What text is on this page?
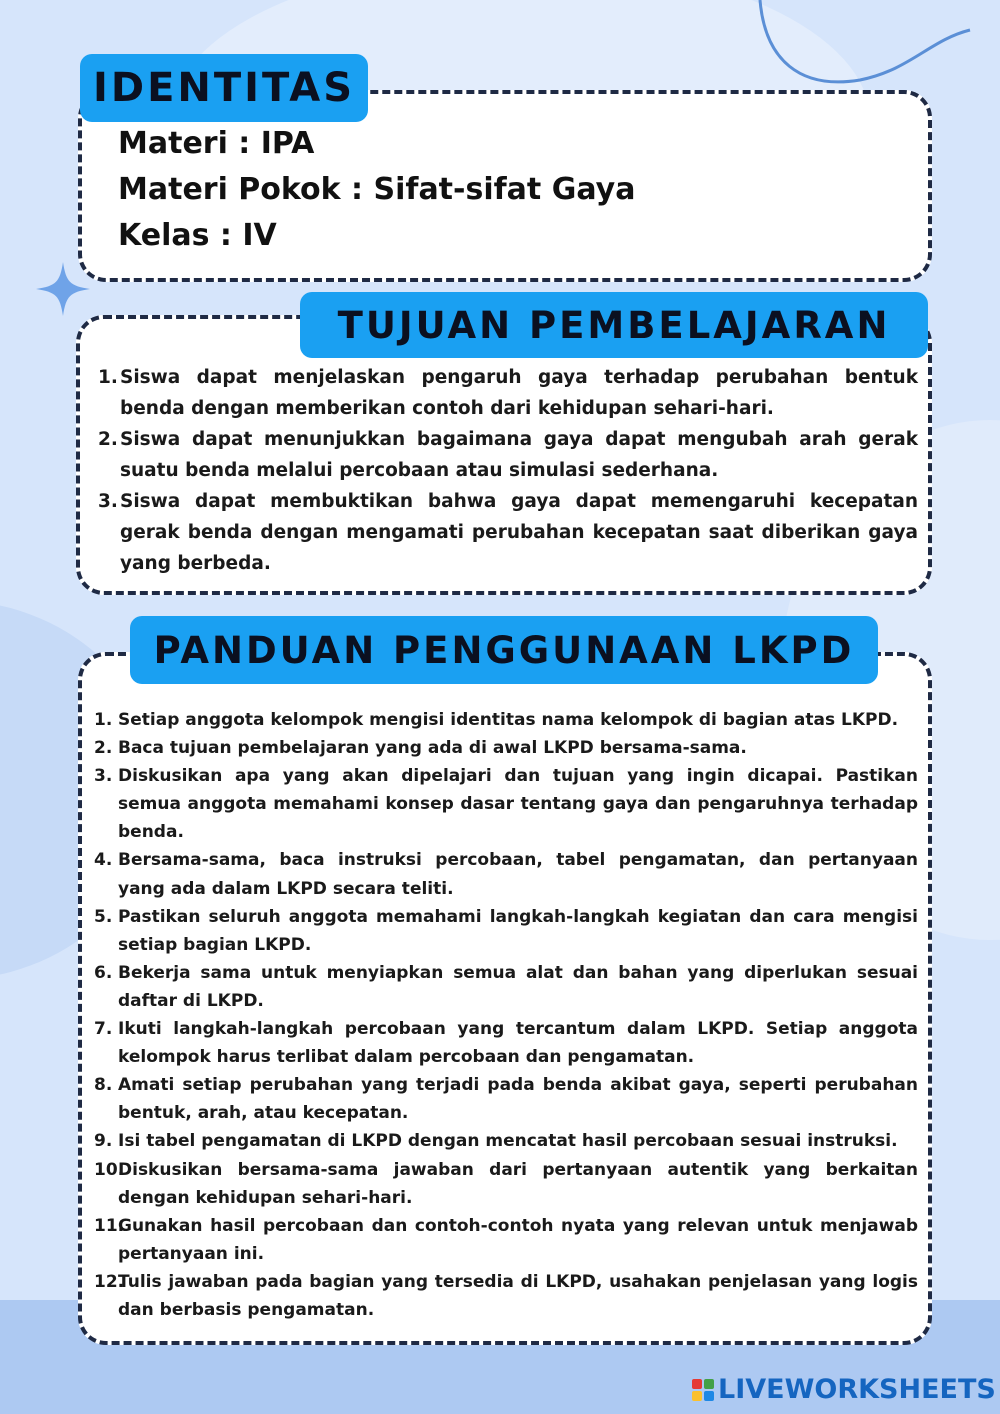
IDENTITAS
Materi : IPA
Materi Pokok : Sifat-sifat Gaya
Kelas : IV
TUJUAN PEMBELAJARAN
1. Siswa dapat menjelaskan pengaruh gaya terhadap perubahan bentuk benda dengan memberikan contoh dari kehidupan sehari-hari.
2. Siswa dapat menunjukkan bagaimana gaya dapat mengubah arah gerak suatu benda melalui percobaan atau simulasi sederhana.
3. Siswa dapat membuktikan bahwa gaya dapat memengaruhi kecepatan gerak benda dengan mengamati perubahan kecepatan saat diberikan gaya yang berbeda.
PANDUAN PENGGUNAAN LKPD
1. Setiap anggota kelompok mengisi identitas nama kelompok di bagian atas LKPD.
2. Baca tujuan pembelajaran yang ada di awal LKPD bersama-sama.
3. Diskusikan apa yang akan dipelajari dan tujuan yang ingin dicapai. Pastikan semua anggota memahami konsep dasar tentang gaya dan pengaruhnya terhadap benda.
4. Bersama-sama, baca instruksi percobaan, tabel pengamatan, dan pertanyaan yang ada dalam LKPD secara teliti.
5. Pastikan seluruh anggota memahami langkah-langkah kegiatan dan cara mengisi setiap bagian LKPD.
6. Bekerja sama untuk menyiapkan semua alat dan bahan yang diperlukan sesuai daftar di LKPD.
7. Ikuti langkah-langkah percobaan yang tercantum dalam LKPD. Setiap anggota kelompok harus terlibat dalam percobaan dan pengamatan.
8. Amati setiap perubahan yang terjadi pada benda akibat gaya, seperti perubahan bentuk, arah, atau kecepatan.
9. Isi tabel pengamatan di LKPD dengan mencatat hasil percobaan sesuai instruksi.
10.
Diskusikan bersama-sama jawaban dari pertanyaan autentik yang berkaitan dengan kehidupan sehari-hari.
11.
Gunakan hasil percobaan dan contoh-contoh nyata yang relevan untuk menjawab pertanyaan ini.
12.
Tulis jawaban pada bagian yang tersedia di LKPD, usahakan penjelasan yang logis dan berbasis pengamatan.
LIVEWORKSHEETS
